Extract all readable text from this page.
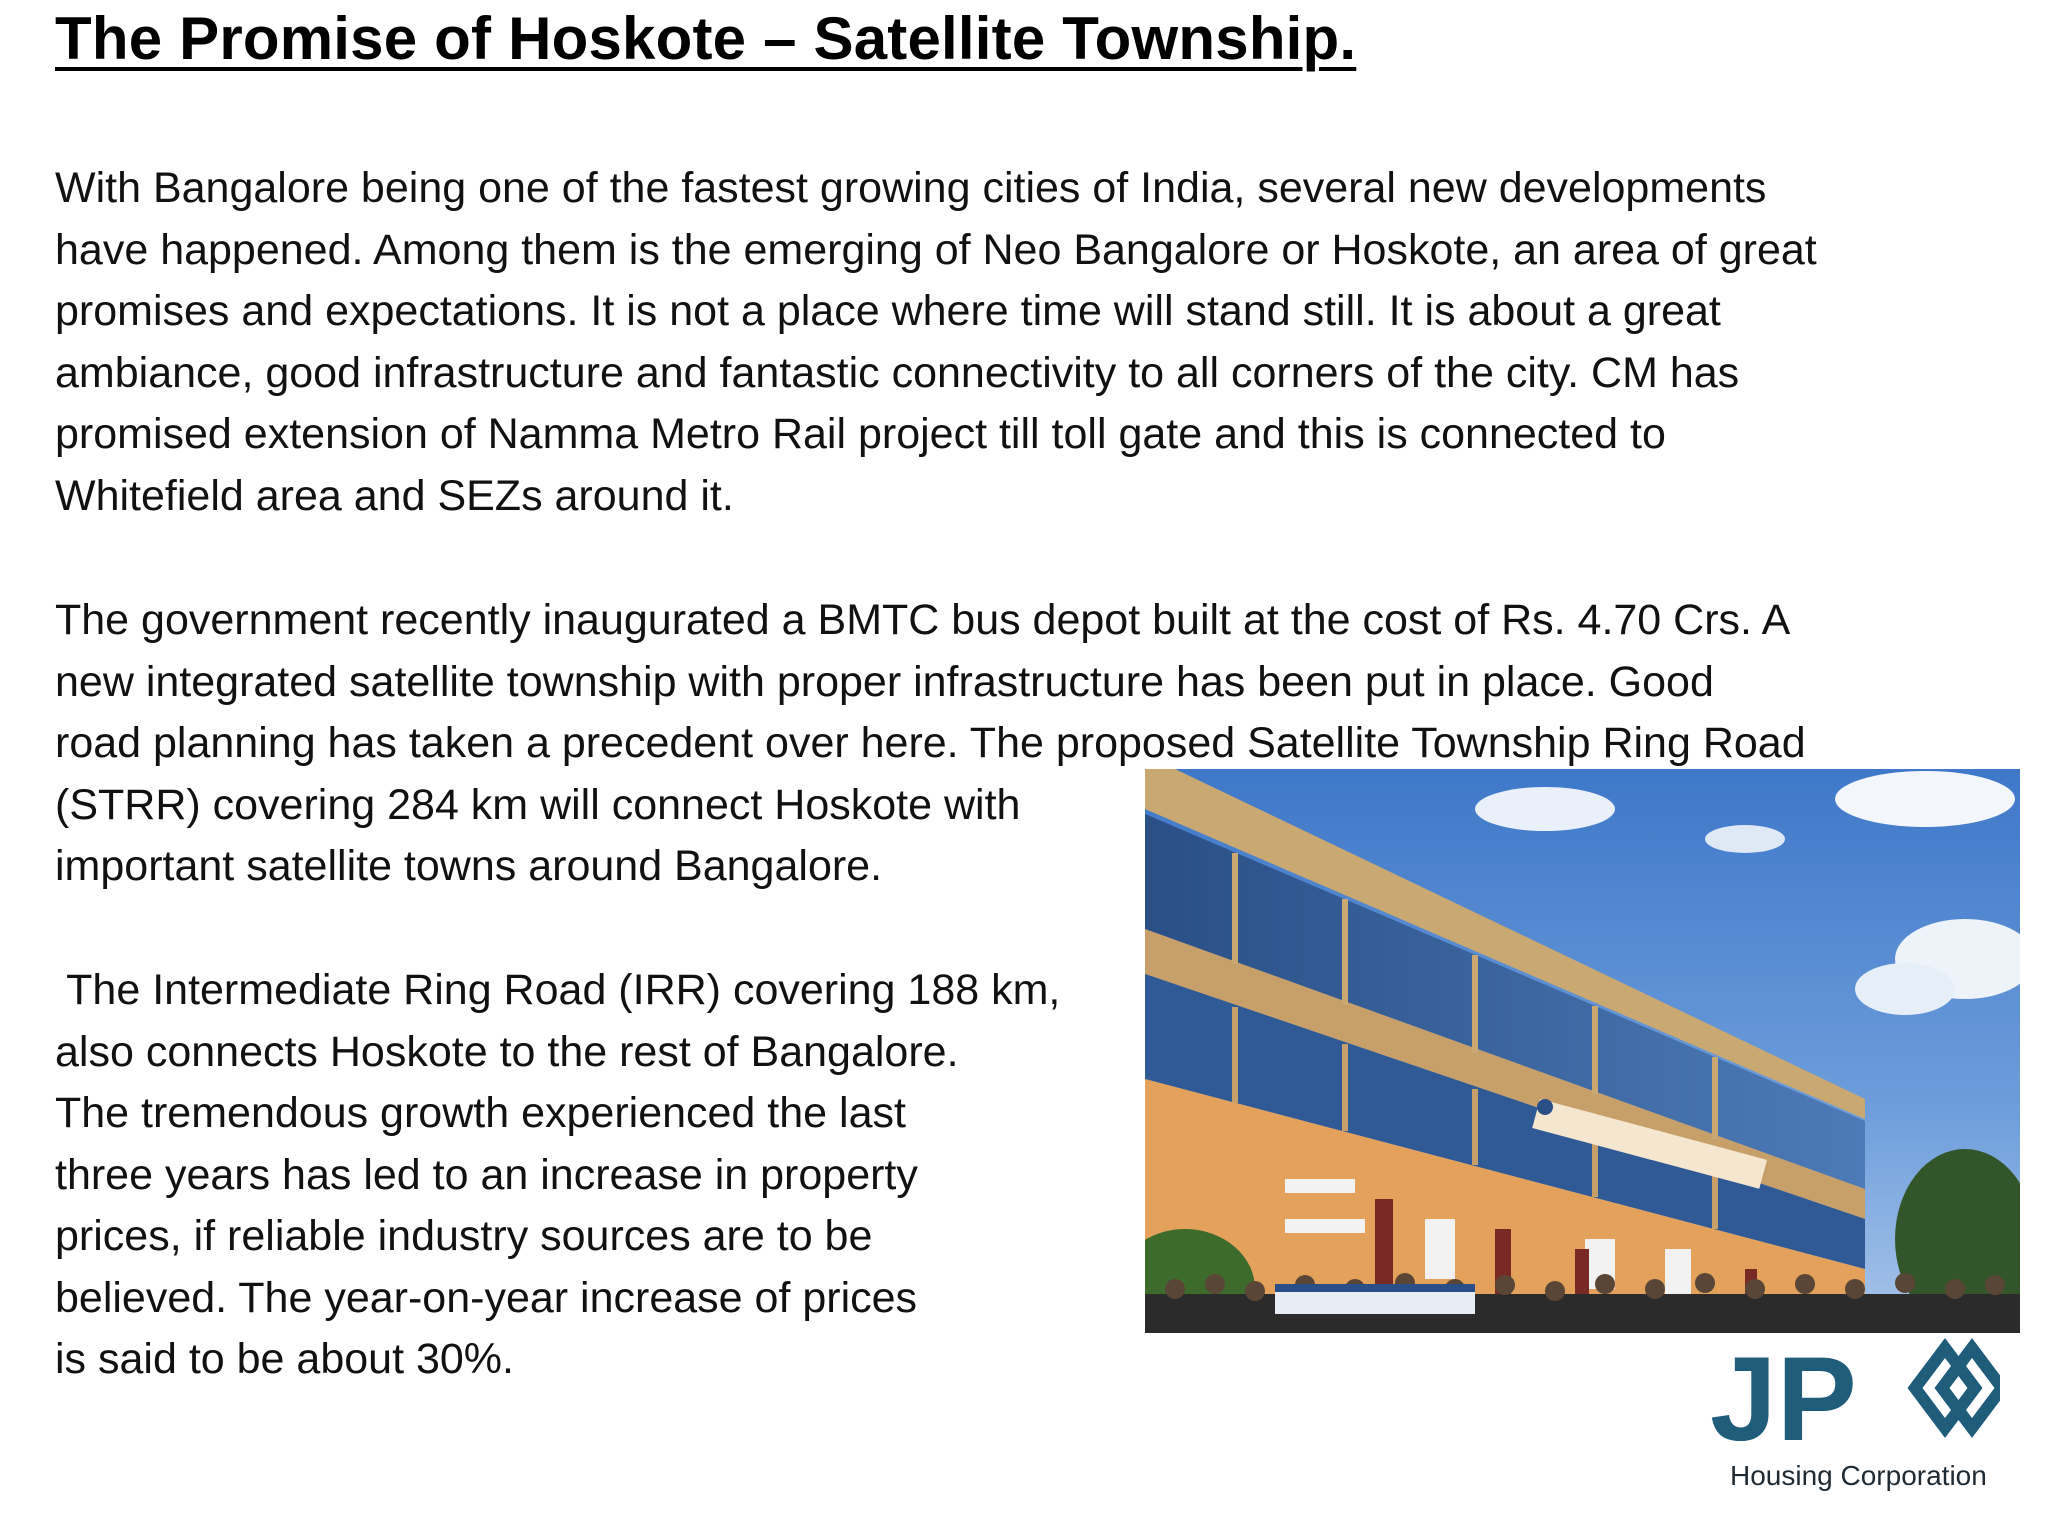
The Promise of Hoskote – Satellite Township.

With Bangalore being one of the fastest growing cities of India, several new developments
have happened. Among them is the emerging of Neo Bangalore or Hoskote, an area of great
promises and expectations. It is not a place where time will stand still. It is about a great
ambiance, good infrastructure and fantastic connectivity to all corners of the city. CM has
promised extension of Namma Metro Rail project till toll gate and this is connected to
Whitefield area and SEZs around it.

The government recently inaugurated a BMTC bus depot built at the cost of Rs. 4.70 Crs. A
new integrated satellite township with proper infrastructure has been put in place. Good
road planning has taken a precedent over here. The proposed Satellite Township Ring Road
(STRR) covering 284 km will connect Hoskote with
important satellite towns around Bangalore.

The Intermediate Ring Road (IRR) covering 188 km,
also connects Hoskote to the rest of Bangalore.
The tremendous growth experienced the last
three years has led to an increase in property
prices, if reliable industry sources are to be
believed. The year-on-year increase of prices
is said to be about 30%.	JP
Housing Corporation
